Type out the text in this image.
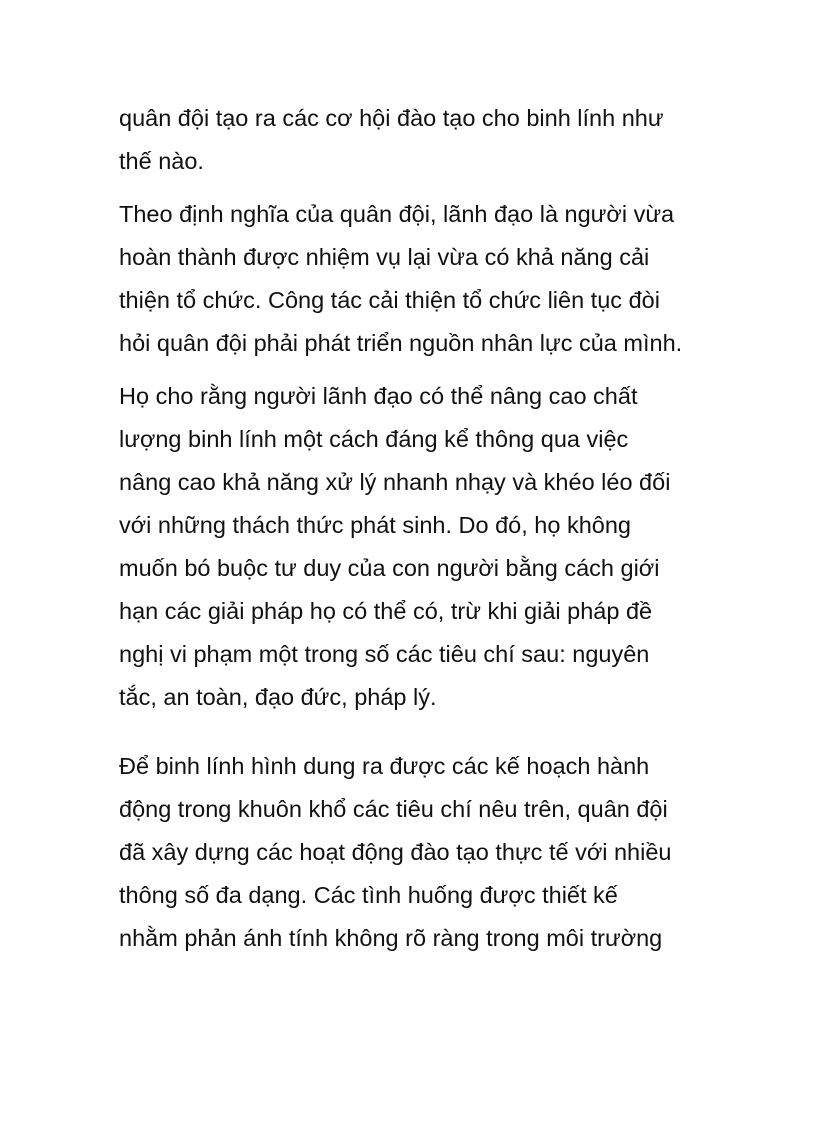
quân đội tạo ra các cơ hội đào tạo cho binh lính như
thế nào.
Theo định nghĩa của quân đội, lãnh đạo là người vừa
hoàn thành được nhiệm vụ lại vừa có khả năng cải
thiện tổ chức. Công tác cải thiện tổ chức liên tục đòi
hỏi quân đội phải phát triển nguồn nhân lực của mình.
Họ cho rằng người lãnh đạo có thể nâng cao chất
lượng binh lính một cách đáng kể thông qua việc
nâng cao khả năng xử lý nhanh nhạy và khéo léo đối
với những thách thức phát sinh. Do đó, họ không
muốn bó buộc tư duy của con người bằng cách giới
hạn các giải pháp họ có thể có, trừ khi giải pháp đề
nghị vi phạm một trong số các tiêu chí sau: nguyên
tắc, an toàn, đạo đức, pháp lý.
Để binh lính hình dung ra được các kế hoạch hành
động trong khuôn khổ các tiêu chí nêu trên, quân đội
đã xây dựng các hoạt động đào tạo thực tế với nhiều
thông số đa dạng. Các tình huống được thiết kế
nhằm phản ánh tính không rõ ràng trong môi trường
